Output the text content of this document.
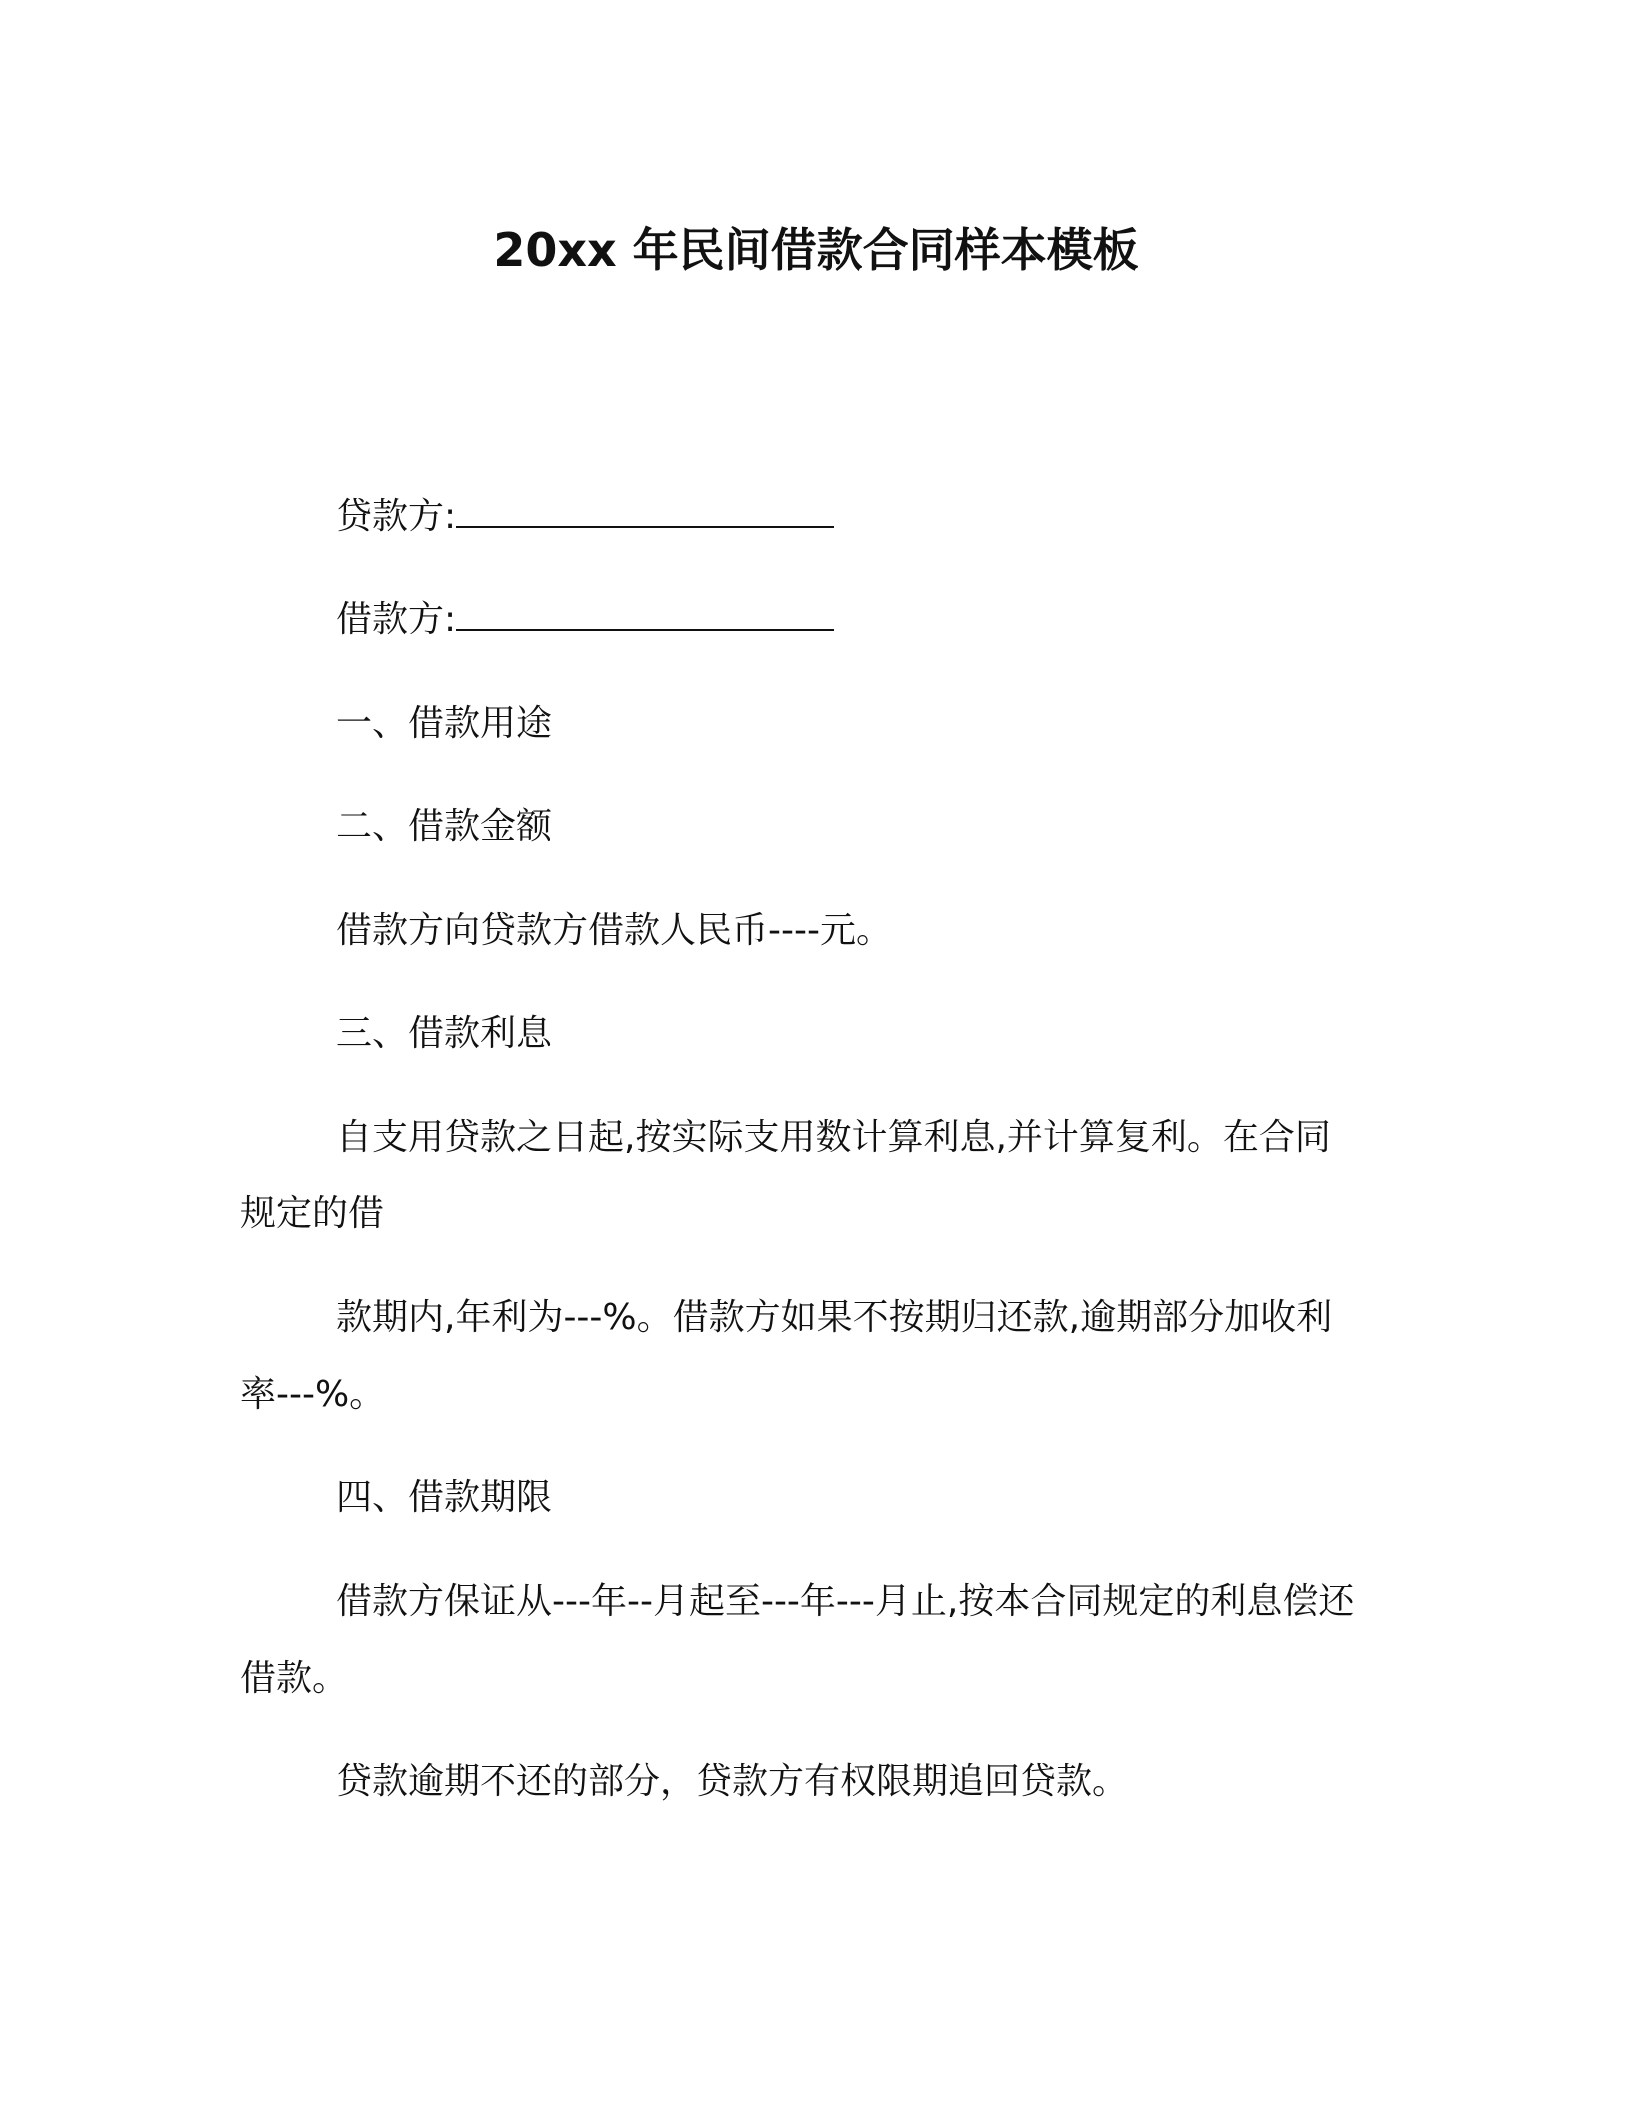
20xx 年民间借款合同样本模板

贷款方:

借款方:

一、借款用途

二、借款金额

借款方向贷款方借款人民币----元。

三、借款利息

自支用贷款之日起,按实际支用数计算利息,并计算复利。在合同

规定的借

款期内,年利为---%。借款方如果不按期归还款,逾期部分加收利

率---%。

四、借款期限

借款方保证从---年--月起至---年---月止,按本合同规定的利息偿还

借款。

贷款逾期不还的部分，贷款方有权限期追回贷款。
